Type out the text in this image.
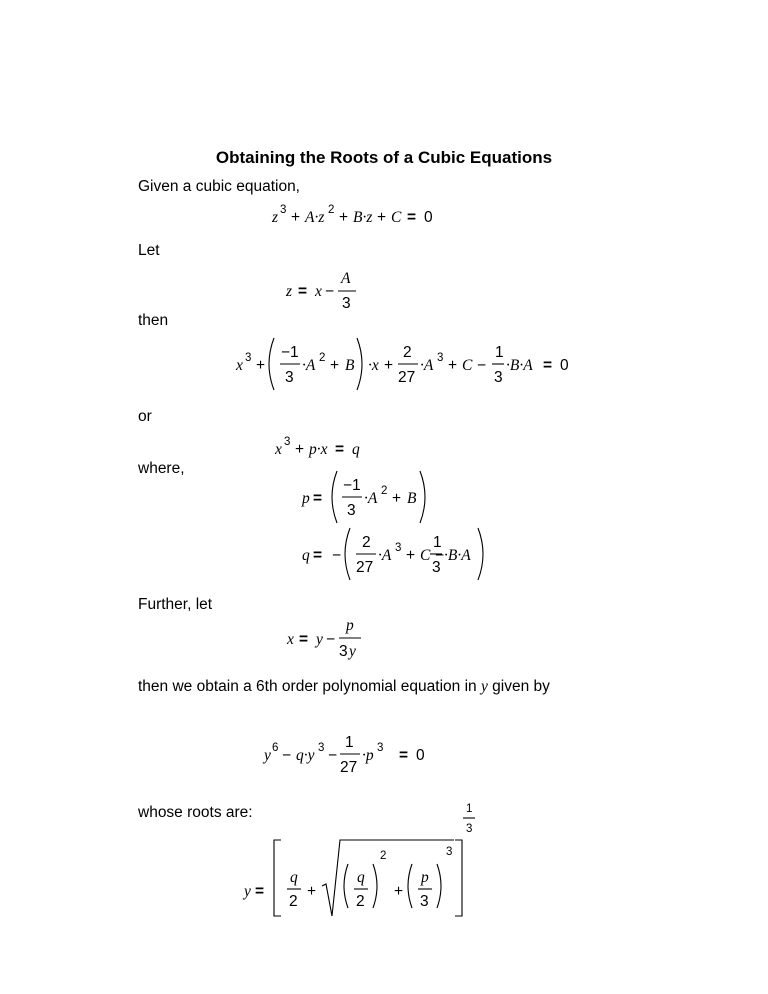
Obtaining the Roots of a Cubic Equations
Given a cubic equation,
Let
then
or
where,
Further, let
then we obtain a 6th order polynomial equation in y given by
whose roots are:
z 3 + A·z 2 + B·z + C = 0
z = x −
A
3
x 3 +
−1
3
·A 2 + B ·x +
2
27
·A 3 + C −
1
3
·B·A = 0
x 3 + p·x = q
p =
−1
3
·A 2 + B
q = −
2
27
·A 3 + C −
1
3
·B·A
x = y −
p
3 y
y 6 − q·y 3 −
1
27
·p 3 = 0
y =
q
2
+
q
2
2
+
p
3
3
1
3
